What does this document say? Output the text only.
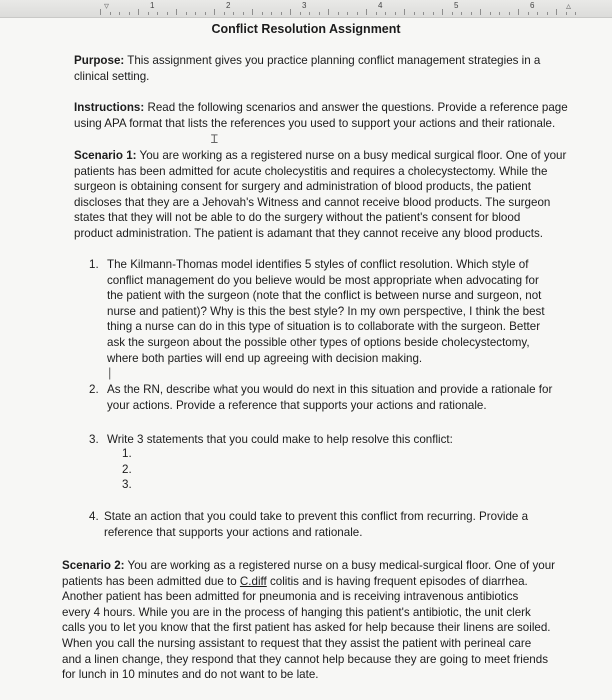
▿	1	2	3	4	5	6	▵
Conflict Resolution Assignment
Purpose: This assignment gives you practice planning conflict management strategies in a
clinical setting.
Instructions: Read the following scenarios and answer the questions. Provide a reference page
using APA format that lists the references you used to support your actions and their rationale.
Ɪ
Scenario 1: You are working as a registered nurse on a busy medical surgical floor. One of your
patients has been admitted for acute cholecystitis and requires a cholecystectomy. While the
surgeon is obtaining consent for surgery and administration of blood products, the patient
discloses that they are a Jehovah's Witness and cannot receive blood products. The surgeon
states that they will not be able to do the surgery without the patient's consent for blood
product administration. The patient is adamant that they cannot receive any blood products.
1. The Kilmann-Thomas model identifies 5 styles of conflict resolution. Which style of
conflict management do you believe would be most appropriate when advocating for
the patient with the surgeon (note that the conflict is between nurse and surgeon, not
nurse and patient)? Why is this the best style? In my own perspective, I think the best
thing a nurse can do in this type of situation is to collaborate with the surgeon. Better
ask the surgeon about the possible other types of options beside cholecystectomy,
where both parties will end up agreeing with decision making.
|
2. As the RN, describe what you would do next in this situation and provide a rationale for
your actions. Provide a reference that supports your actions and rationale.
3. Write 3 statements that you could make to help resolve this conflict:
1.
2.
3.
4. State an action that you could take to prevent this conflict from recurring. Provide a
reference that supports your actions and rationale.
Scenario 2: You are working as a registered nurse on a busy medical-surgical floor. One of your
patients has been admitted due to C.diff colitis and is having frequent episodes of diarrhea.
Another patient has been admitted for pneumonia and is receiving intravenous antibiotics
every 4 hours. While you are in the process of hanging this patient's antibiotic, the unit clerk
calls you to let you know that the first patient has asked for help because their linens are soiled.
When you call the nursing assistant to request that they assist the patient with perineal care
and a linen change, they respond that they cannot help because they are going to meet friends
for lunch in 10 minutes and do not want to be late.
